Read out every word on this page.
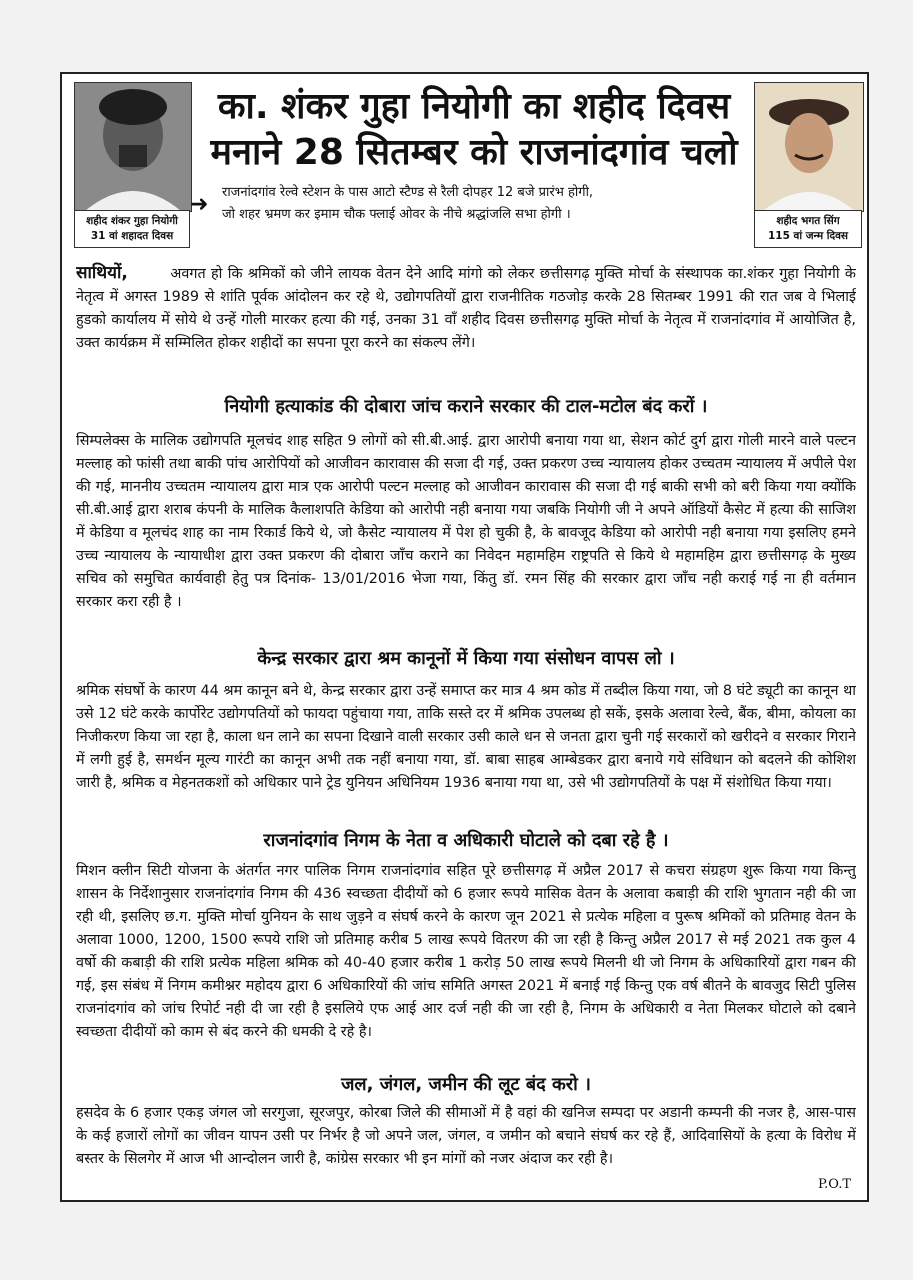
शहीद शंकर गुहा नियोगी
31 वां शहादत दिवस
का. शंकर गुहा नियोगी का शहीद दिवस
मनाने 28 सितम्बर को राजनांदगांव चलो
➜ राजनांदगांव रेल्वे स्टेशन के पास आटो स्टैण्ड से रैली दोपहर 12 बजे प्रारंभ होगी,
जो शहर भ्रमण कर इमाम चौक फ्लाई ओवर के नीचे श्रद्धांजलि सभा होगी ।	शहीद भगत सिंग
115 वां जन्म दिवस
साथियों,	अवगत हो कि श्रमिकों को जीने लायक वेतन देने आदि मांगो को लेकर छत्तीसगढ़ मुक्ति मोर्चा के संस्थापक का.शंकर गुहा नियोगी के नेतृत्व में अगस्त 1989 से शांति पूर्वक आंदोलन कर रहे थे, उद्योगपतियों द्वारा राजनीतिक गठजोड़ करके 28 सितम्बर 1991 की रात जब वे भिलाई हुडको कार्यालय में सोये थे उन्हें गोली मारकर हत्या की गई, उनका 31 वाँ शहीद दिवस छत्तीसगढ़ मुक्ति मोर्चा के नेतृत्व में राजनांदगांव में आयोजित है, उक्त कार्यक्रम में सम्मिलित होकर शहीदों का सपना पूरा करने का संकल्प लेंगे।
नियोगी हत्याकांड की दोबारा जांच कराने सरकार की टाल-मटोल बंद करों ।
सिम्पलेक्स के मालिक उद्योगपति मूलचंद शाह सहित 9 लोगों को सी.बी.आई. द्वारा आरोपी बनाया गया था, सेशन कोर्ट दुर्ग द्वारा गोली मारने वाले पल्टन मल्लाह को फांसी तथा बाकी पांच आरोपियों को आजीवन कारावास की सजा दी गई, उक्त प्रकरण उच्च न्यायालय होकर उच्चतम न्यायालय में अपीले पेश की गई, माननीय उच्चतम न्यायालय द्वारा मात्र एक आरोपी पल्टन मल्लाह को आजीवन कारावास की सजा दी गई बाकी सभी को बरी किया गया क्योंकि सी.बी.आई द्वारा शराब कंपनी के मालिक कैलाशपति केडिया को आरोपी नही बनाया गया जबकि नियोगी जी ने अपने ऑडियों कैसेट में हत्या की साजिश में केडिया व मूलचंद शाह का नाम रिकार्ड किये थे, जो कैसेट न्यायालय में पेश हो चुकी है, के बावजूद केडिया को आरोपी नही बनाया गया इसलिए हमने उच्च न्यायालय के न्यायाधीश द्वारा उक्त प्रकरण की दोबारा जाँच कराने का निवेदन महामहिम राष्ट्रपति से किये थे महामहिम द्वारा छत्तीसगढ़ के मुख्य सचिव को समुचित कार्यवाही हेतु पत्र दिनांक- 13/01/2016 भेजा गया, किंतु डॉ. रमन सिंह की सरकार द्वारा जाँच नही कराई गई ना ही वर्तमान सरकार करा रही है ।
केन्द्र सरकार द्वारा श्रम कानूनों में किया गया संसोधन वापस लो ।
श्रमिक संघर्षो के कारण 44 श्रम कानून बने थे, केन्द्र सरकार द्वारा उन्हें समाप्त कर मात्र 4 श्रम कोड में तब्दील किया गया, जो 8 घंटे ड्यूटी का कानून था उसे 12 घंटे करके कार्पोरेट उद्योगपतियों को फायदा पहुंचाया गया, ताकि सस्ते दर में श्रमिक उपलब्ध हो सकें, इसके अलावा रेल्वे, बैंक, बीमा, कोयला का निजीकरण किया जा रहा है, काला धन लाने का सपना दिखाने वाली सरकार उसी काले धन से जनता द्वारा चुनी गई सरकारों को खरीदने व सरकार गिराने में लगी हुई है, समर्थन मूल्य गारंटी का कानून अभी तक नहीं बनाया गया, डॉ. बाबा साहब आम्बेडकर द्वारा बनाये गये संविधान को बदलने की कोशिश जारी है, श्रमिक व मेहनतकशों को अधिकार पाने ट्रेड युनियन अधिनियम 1936 बनाया गया था, उसे भी उद्योगपतियों के पक्ष में संशोधित किया गया।
राजनांदगांव निगम के नेता व अधिकारी घोटाले को दबा रहे है ।
मिशन क्लीन सिटी योजना के अंतर्गत नगर पालिक निगम राजनांदगांव सहित पूरे छत्तीसगढ़ में अप्रैल 2017 से कचरा संग्रहण शुरू किया गया किन्तु शासन के निर्देशानुसार राजनांदगांव निगम की 436 स्वच्छता दीदीयों को 6 हजार रूपये मासिक वेतन के अलावा कबाड़ी की राशि भुगतान नही की जा रही थी, इसलिए छ.ग. मुक्ति मोर्चा युनियन के साथ जुड़ने व संघर्ष करने के कारण जून 2021 से प्रत्येक महिला व पुरूष श्रमिकों को प्रतिमाह वेतन के अलावा 1000, 1200, 1500 रूपये राशि जो प्रतिमाह करीब 5 लाख रूपये वितरण की जा रही है किन्तु अप्रैल 2017 से मई 2021 तक कुल 4 वर्षो की कबाड़ी की राशि प्रत्येक महिला श्रमिक को 40-40 हजार करीब 1 करोड़ 50 लाख रूपये मिलनी थी जो निगम के अधिकारियों द्वारा गबन की गई, इस संबंध में निगम कमीश्नर महोदय द्वारा 6 अधिकारियों की जांच समिति अगस्त 2021 में बनाई गई किन्तु एक वर्ष बीतने के बावजुद सिटी पुलिस राजनांदगांव को जांच रिपोर्ट नही दी जा रही है इसलिये एफ आई आर दर्ज नही की जा रही है, निगम के अधिकारी व नेता मिलकर घोटाले को दबाने स्वच्छता दीदीयों को काम से बंद करने की धमकी दे रहे है।
जल, जंगल, जमीन की लूट बंद करो ।
हसदेव के 6 हजार एकड़ जंगल जो सरगुजा, सूरजपुर, कोरबा जिले की सीमाओं में है वहां की खनिज सम्पदा पर अडानी कम्पनी की नजर है, आस-पास के कई हजारों लोगों का जीवन यापन उसी पर निर्भर है जो अपने जल, जंगल, व जमीन को बचाने संघर्ष कर रहे हैं, आदिवासियों के हत्या के विरोध में बस्तर के सिलगेर में आज भी आन्दोलन जारी है, कांग्रेस सरकार भी इन मांगों को नजर अंदाज कर रही है।
P.O.T
